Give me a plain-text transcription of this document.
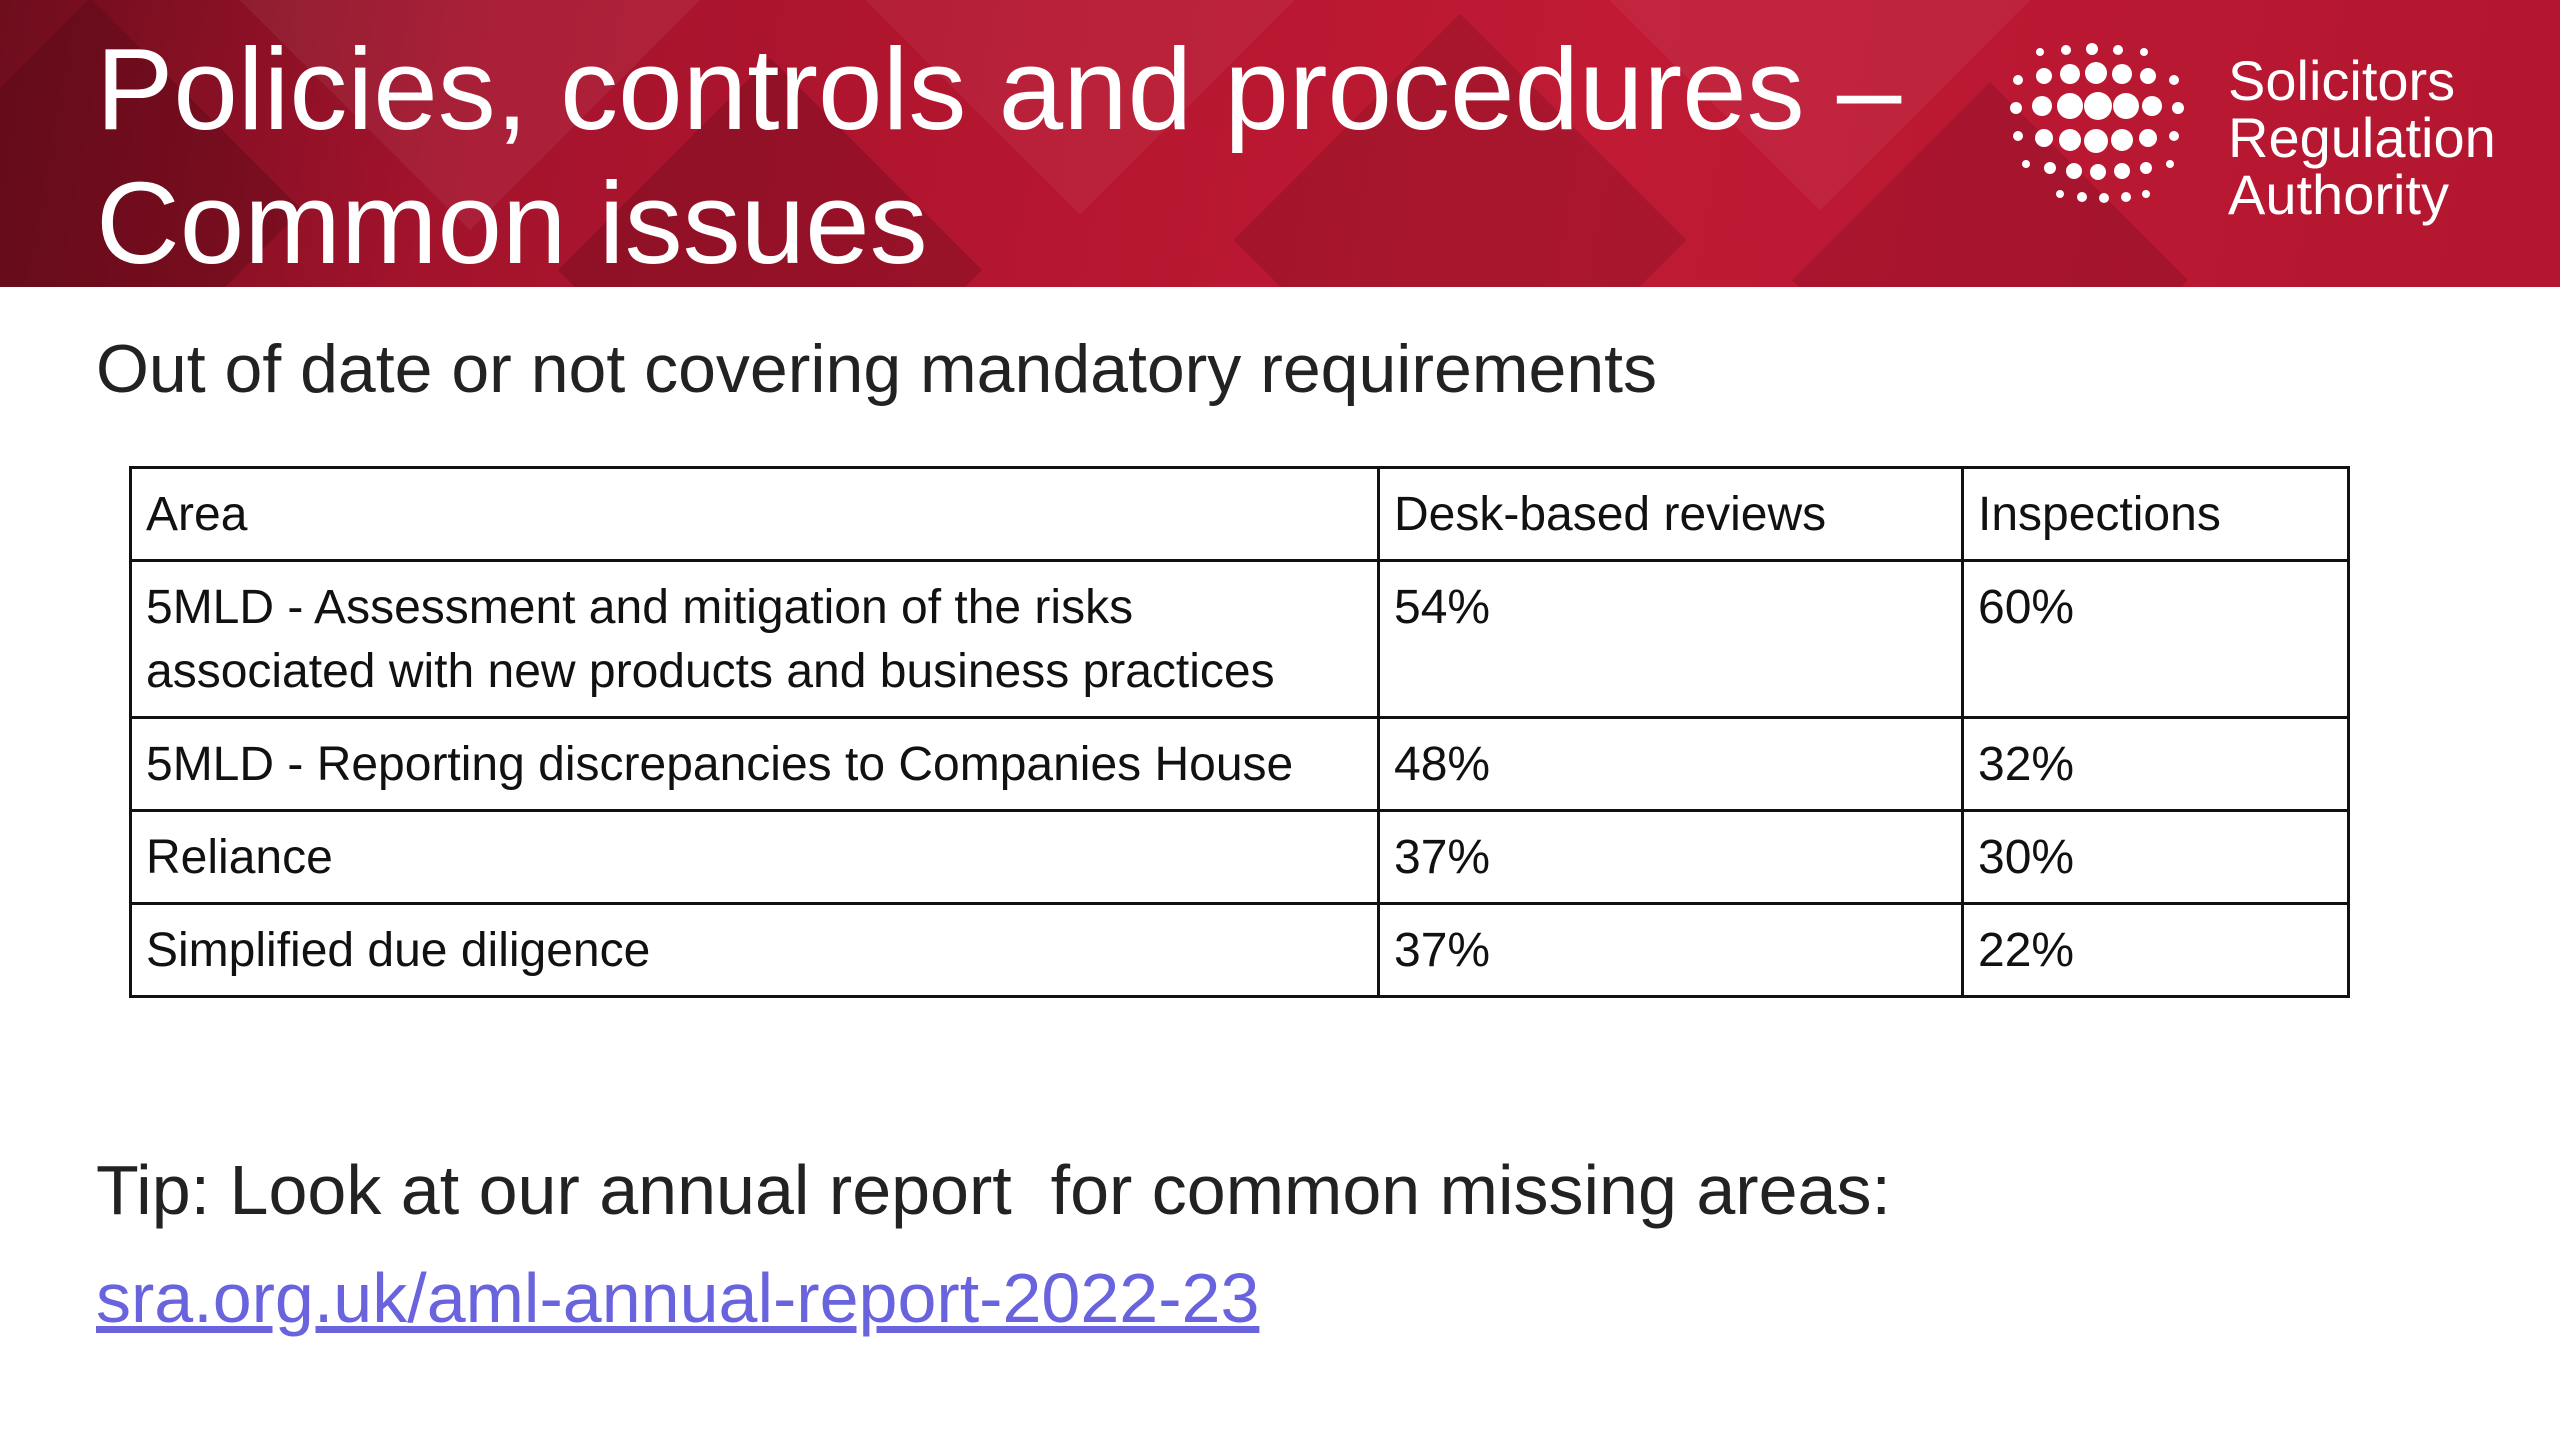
Policies, controls and procedures –
Common issues
Solicitors
Regulation
Authority
Out of date or not covering mandatory requirements
Area	Desk-based reviews	Inspections
5MLD - Assessment and mitigation of the risks associated with new products and business practices	54%	60%
5MLD - Reporting discrepancies to Companies House	48%	32%
Reliance	37%	30%
Simplified due diligence	37%	22%

Tip: Look at our annual report  for common missing areas:

sra.org.uk/aml-annual-report-2022-23
